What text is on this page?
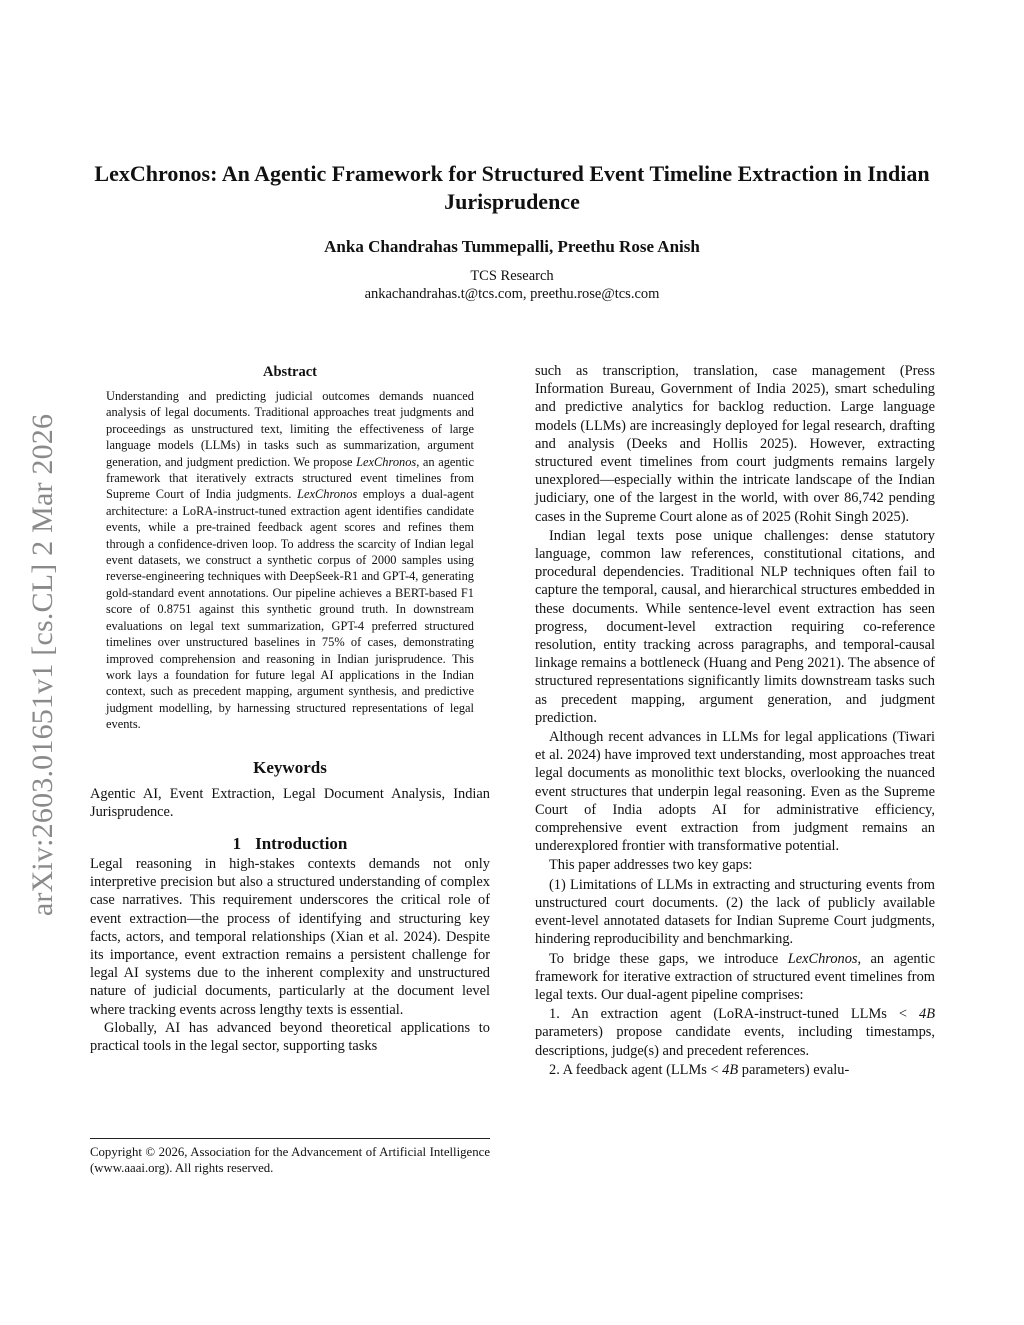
arXiv:2603.01651v1 [cs.CL] 2 Mar 2026
LexChronos: An Agentic Framework for Structured Event Timeline Extraction in Indian Jurisprudence
Anka Chandrahas Tummepalli, Preethu Rose Anish
TCS Research
ankachandrahas.t@tcs.com, preethu.rose@tcs.com
Abstract
Understanding and predicting judicial outcomes demands nuanced analysis of legal documents. Traditional approaches treat judgments and proceedings as unstructured text, limiting the effectiveness of large language models (LLMs) in tasks such as summarization, argument generation, and judgment prediction. We propose LexChronos, an agentic framework that iteratively extracts structured event timelines from Supreme Court of India judgments. LexChronos employs a dual-agent architecture: a LoRA-instruct-tuned extraction agent identifies candidate events, while a pre-trained feedback agent scores and refines them through a confidence-driven loop. To address the scarcity of Indian legal event datasets, we construct a synthetic corpus of 2000 samples using reverse-engineering techniques with DeepSeek-R1 and GPT-4, generating gold-standard event annotations. Our pipeline achieves a BERT-based F1 score of 0.8751 against this synthetic ground truth. In downstream evaluations on legal text summarization, GPT-4 preferred structured timelines over unstructured baselines in 75% of cases, demonstrating improved comprehension and reasoning in Indian jurisprudence. This work lays a foundation for future legal AI applications in the Indian context, such as precedent mapping, argument synthesis, and predictive judgment modelling, by harnessing structured representations of legal events.
Keywords

Agentic AI, Event Extraction, Legal Document Analysis, Indian Jurisprudence.

1 Introduction

Legal reasoning in high-stakes contexts demands not only interpretive precision but also a structured understanding of complex case narratives. This requirement underscores the critical role of event extraction—the process of identifying and structuring key facts, actors, and temporal relationships (Xian et al. 2024). Despite its importance, event extraction remains a persistent challenge for legal AI systems due to the inherent complexity and unstructured nature of judicial documents, particularly at the document level where tracking events across lengthy texts is essential.

Globally, AI has advanced beyond theoretical applications to practical tools in the legal sector, supporting tasks

Copyright © 2026, Association for the Advancement of Artificial Intelligence (www.aaai.org). All rights reserved.

such as transcription, translation, case management (Press Information Bureau, Government of India 2025), smart scheduling and predictive analytics for backlog reduction. Large language models (LLMs) are increasingly deployed for legal research, drafting and analysis (Deeks and Hollis 2025). However, extracting structured event timelines from court judgments remains largely unexplored—especially within the intricate landscape of the Indian judiciary, one of the largest in the world, with over 86,742 pending cases in the Supreme Court alone as of 2025 (Rohit Singh 2025).

Indian legal texts pose unique challenges: dense statutory language, common law references, constitutional citations, and procedural dependencies. Traditional NLP techniques often fail to capture the temporal, causal, and hierarchical structures embedded in these documents. While sentence-level event extraction has seen progress, document-level extraction requiring co-reference resolution, entity tracking across paragraphs, and temporal-causal linkage remains a bottleneck (Huang and Peng 2021). The absence of structured representations significantly limits downstream tasks such as precedent mapping, argument generation, and judgment prediction.

Although recent advances in LLMs for legal applications (Tiwari et al. 2024) have improved text understanding, most approaches treat legal documents as monolithic text blocks, overlooking the nuanced event structures that underpin legal reasoning. Even as the Supreme Court of India adopts AI for administrative efficiency, comprehensive event extraction from judgment remains an underexplored frontier with transformative potential.

This paper addresses two key gaps:

(1) Limitations of LLMs in extracting and structuring events from unstructured court documents. (2) the lack of publicly available event-level annotated datasets for Indian Supreme Court judgments, hindering reproducibility and benchmarking.

To bridge these gaps, we introduce LexChronos, an agentic framework for iterative extraction of structured event timelines from legal texts. Our dual-agent pipeline comprises:

1. An extraction agent (LoRA-instruct-tuned LLMs < 4B parameters) propose candidate events, including timestamps, descriptions, judge(s) and precedent references.

2. A feedback agent (LLMs < 4B parameters) evalu-
